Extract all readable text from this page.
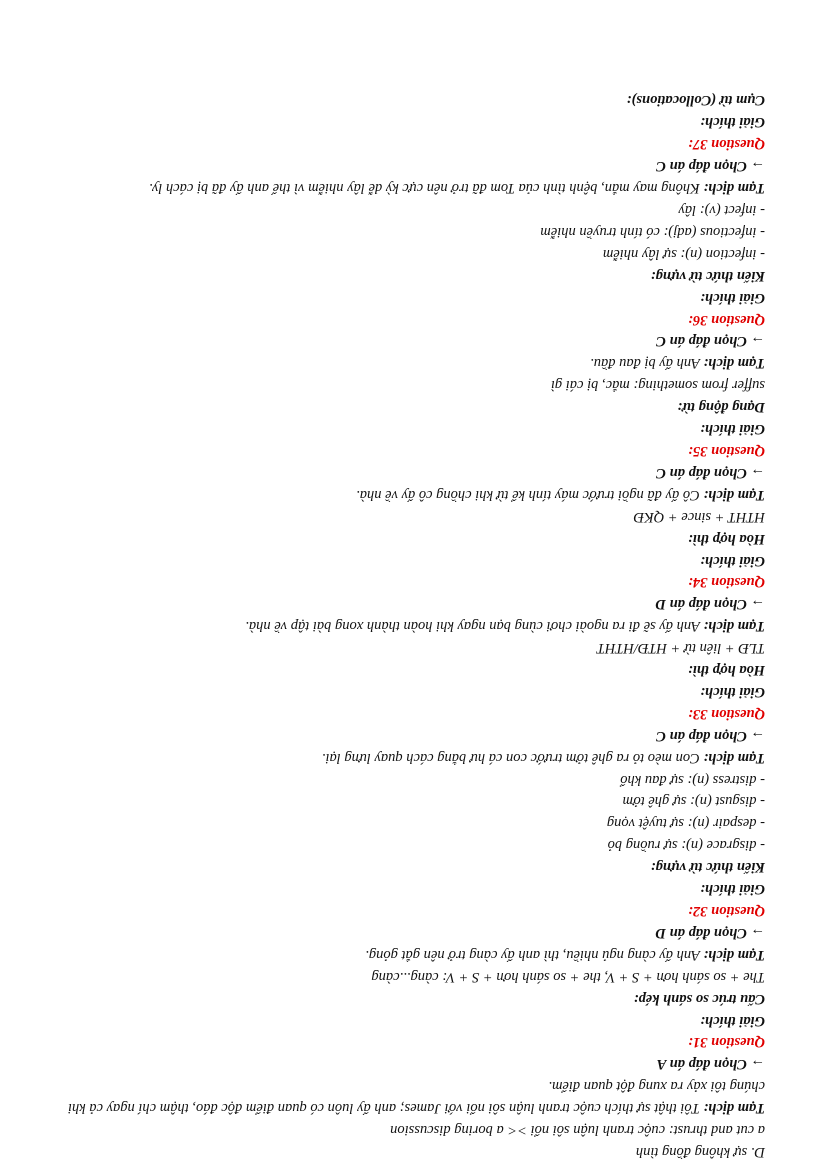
D. sự không đồng tình
a cut and thrust: cuộc tranh luận sôi nổi >< a boring discussion
Tạm dịch: Tôi thật sự thích cuộc tranh luận sôi nổi với James; anh ấy luôn có quan điểm độc đáo, thậm chí ngay cả khi chúng tôi xảy ra xung đột quan điểm.
→ Chọn đáp án A
Question 31:
Giải thích:
Cấu trúc so sánh kép:
The + so sánh hơn + S + V, the + so sánh hơn + S + V: càng...càng
Tạm dịch: Anh ấy càng ngủ nhiều, thì anh ấy càng trở nên gắt gỏng.
→ Chọn đáp án D
Question 32:
Giải thích:
Kiến thức từ vựng:
- disgrace (n): sự ruồng bỏ
- despair (n): sự tuyệt vọng
- disgust (n): sự ghê tởm
- distress (n): sự đau khổ
Tạm dịch: Con mèo tỏ ra ghê tởm trước con cá hư bằng cách quay lưng lại.
→ Chọn đáp án C
Question 33:
Giải thích:
Hòa hợp thì:
TLĐ + liên từ + HTĐ/HTHT
Tạm dịch: Anh ấy sẽ đi ra ngoài chơi cùng bạn ngay khi hoàn thành xong bài tập về nhà.
→ Chọn đáp án D
Question 34:
Giải thích:
Hòa hợp thì:
HTHT + since + QKĐ
Tạm dịch: Cô ấy đã ngồi trước máy tính kể từ khi chồng cô ấy về nhà.
→ Chọn đáp án C
Question 35:
Giải thích:
Dạng động từ:
suffer from something: mắc, bị cái gì
Tạm dịch: Anh ấy bị đau đầu.
→ Chọn đáp án C
Question 36:
Giải thích:
Kiến thức từ vựng:
- infection (n): sự lây nhiễm
- infectious (adj): có tính truyền nhiễm
- infect (v): lây
Tạm dịch: Không may mắn, bệnh tình của Tom đã trở nên cực kỳ dễ lây nhiễm vì thế anh ấy đã bị cách ly.
→ Chọn đáp án C
Question 37:
Giải thích:
Cụm từ (Collocations):
